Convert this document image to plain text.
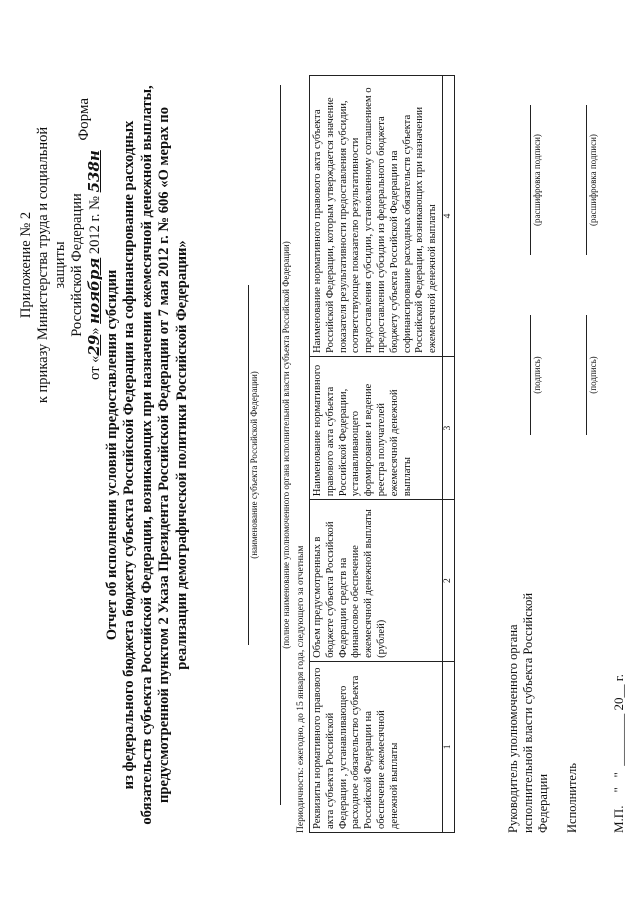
Приложение № 2 к приказу Министерства труда и социальной защиты Российской Федерации
от «29» ноября 2012 г. № 538н
Форма
Отчет об исполнении условий предоставления субсидии из федерального бюджета бюджету субъекта Российской Федерации на софинансирование расходных обязательств субъекта Российской Федерации, возникающих при назначении ежемесячной денежной выплаты, предусмотренной пунктом 2 Указа Президента Российской Федерации от 7 мая 2012 г. № 606 «О мерах по реализации демографической политики Российской Федерации»	(наименование субъекта Российской Федерации) (полное наименование уполномоченного органа исполнительной власти субъекта Российской Федерации)
Периодичность: ежегодно, до 15 января года, следующего за отчетным Реквизиты нормативного правового акта субъекта Российской Федерации , устанавливающего расходное обязательство субъекта Российской Федерации на обеспечение ежемесячной денежной выплаты	Объем предусмотренных в бюджете субъекта Российской Федерации средств на финансовое обеспечение ежемесячной денежной выплаты (рублей)	Наименование нормативного правового акта субъекта Российской Федерации, устанавливающего формирование и ведение реестра получателей ежемесячной денежной выплаты	Наименование нормативного правового акта субъекта Российской Федерации, которым утверждается значение показателя результативности предоставления субсидии, соответствующее показателю результативности предоставления субсидии, установленному соглашением о предоставлении субсидии из федерального бюджета бюджету субъекта Российской Федерации на софинансирование расходных обязательств субъекта Российской Федерации, возникающих при назначении ежемесячной денежной выплаты
1	2	3	4
Руководитель уполномоченного органа исполнительной власти субъекта Российской Федерации
(подпись)
(расшифровка подписи)
Исполнитель
(подпись)
(расшифровка подписи)
М.П.    "   "  ________ 20__ г.
